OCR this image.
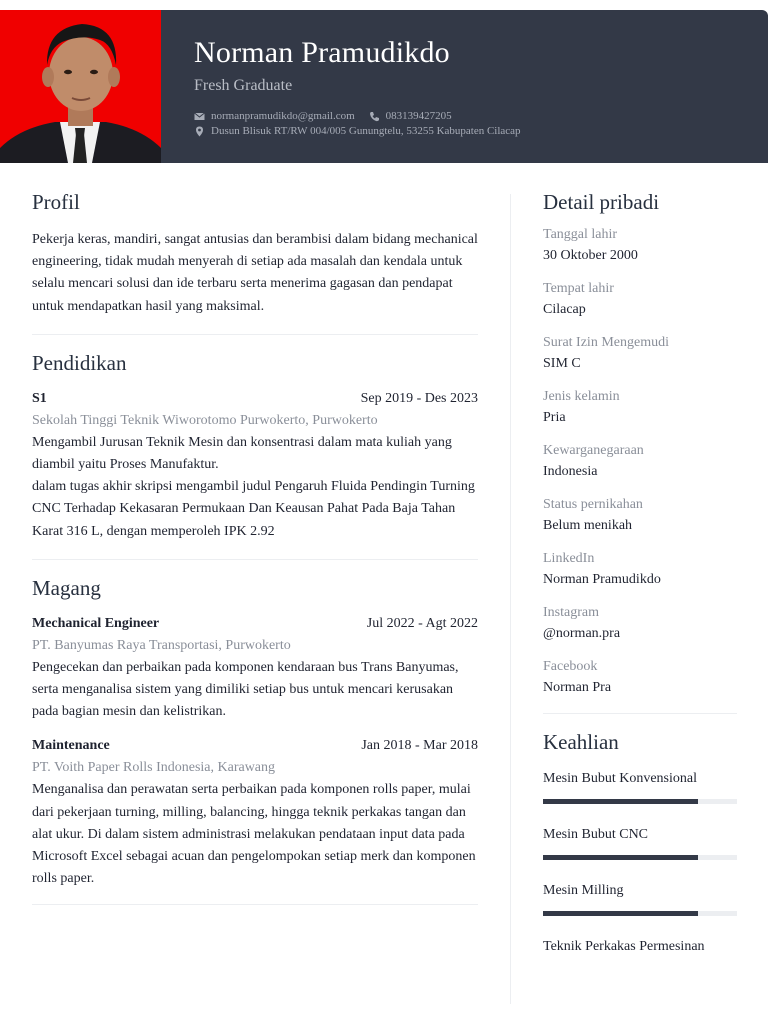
Norman Pramudikdo
Fresh Graduate
normanpramudikdo@gmail.com	083139427205
Dusun Blisuk RT/RW 004/005 Gunungtelu, 53255 Kabupaten Cilacap
Profil

Pekerja keras, mandiri, sangat antusias dan berambisi dalam bidang mechanical engineering, tidak mudah menyerah di setiap ada masalah dan kendala untuk selalu mencari solusi dan ide terbaru serta menerima gagasan dan pendapat untuk mendapatkan hasil yang maksimal.

Pendidikan
S1	Sep 2019 - Des 2023
Sekolah Tinggi Teknik Wiworotomo Purwokerto, Purwokerto

Mengambil Jurusan Teknik Mesin dan konsentrasi dalam mata kuliah yang diambil yaitu Proses Manufaktur.

dalam tugas akhir skripsi mengambil judul Pengaruh Fluida Pendingin Turning CNC Terhadap Kekasaran Permukaan Dan Keausan Pahat Pada Baja Tahan Karat 316 L, dengan memperoleh IPK 2.92

Magang
Mechanical Engineer	Jul 2022 - Agt 2022
PT. Banyumas Raya Transportasi, Purwokerto

Pengecekan dan perbaikan pada komponen kendaraan bus Trans Banyumas, serta menganalisa sistem yang dimiliki setiap bus untuk mencari kerusakan pada bagian mesin dan kelistrikan.

Maintenance	Jan 2018 - Mar 2018
PT. Voith Paper Rolls Indonesia, Karawang

Menganalisa dan perawatan serta perbaikan pada komponen rolls paper, mulai dari pekerjaan turning, milling, balancing, hingga teknik perkakas tangan dan alat ukur. Di dalam sistem administrasi melakukan pendataan input data pada Microsoft Excel sebagai acuan dan pengelompokan setiap merk dan komponen rolls paper.

Detail pribadi
Tanggal lahir
30 Oktober 2000
Tempat lahir
Cilacap
Surat Izin Mengemudi
SIM C
Jenis kelamin
Pria
Kewarganegaraan
Indonesia
Status pernikahan
Belum menikah
LinkedIn
Norman Pramudikdo
Instagram
@norman.pra
Facebook
Norman Pra
Keahlian
Mesin Bubut Konvensional
Mesin Bubut CNC
Mesin Milling
Teknik Perkakas Permesinan
